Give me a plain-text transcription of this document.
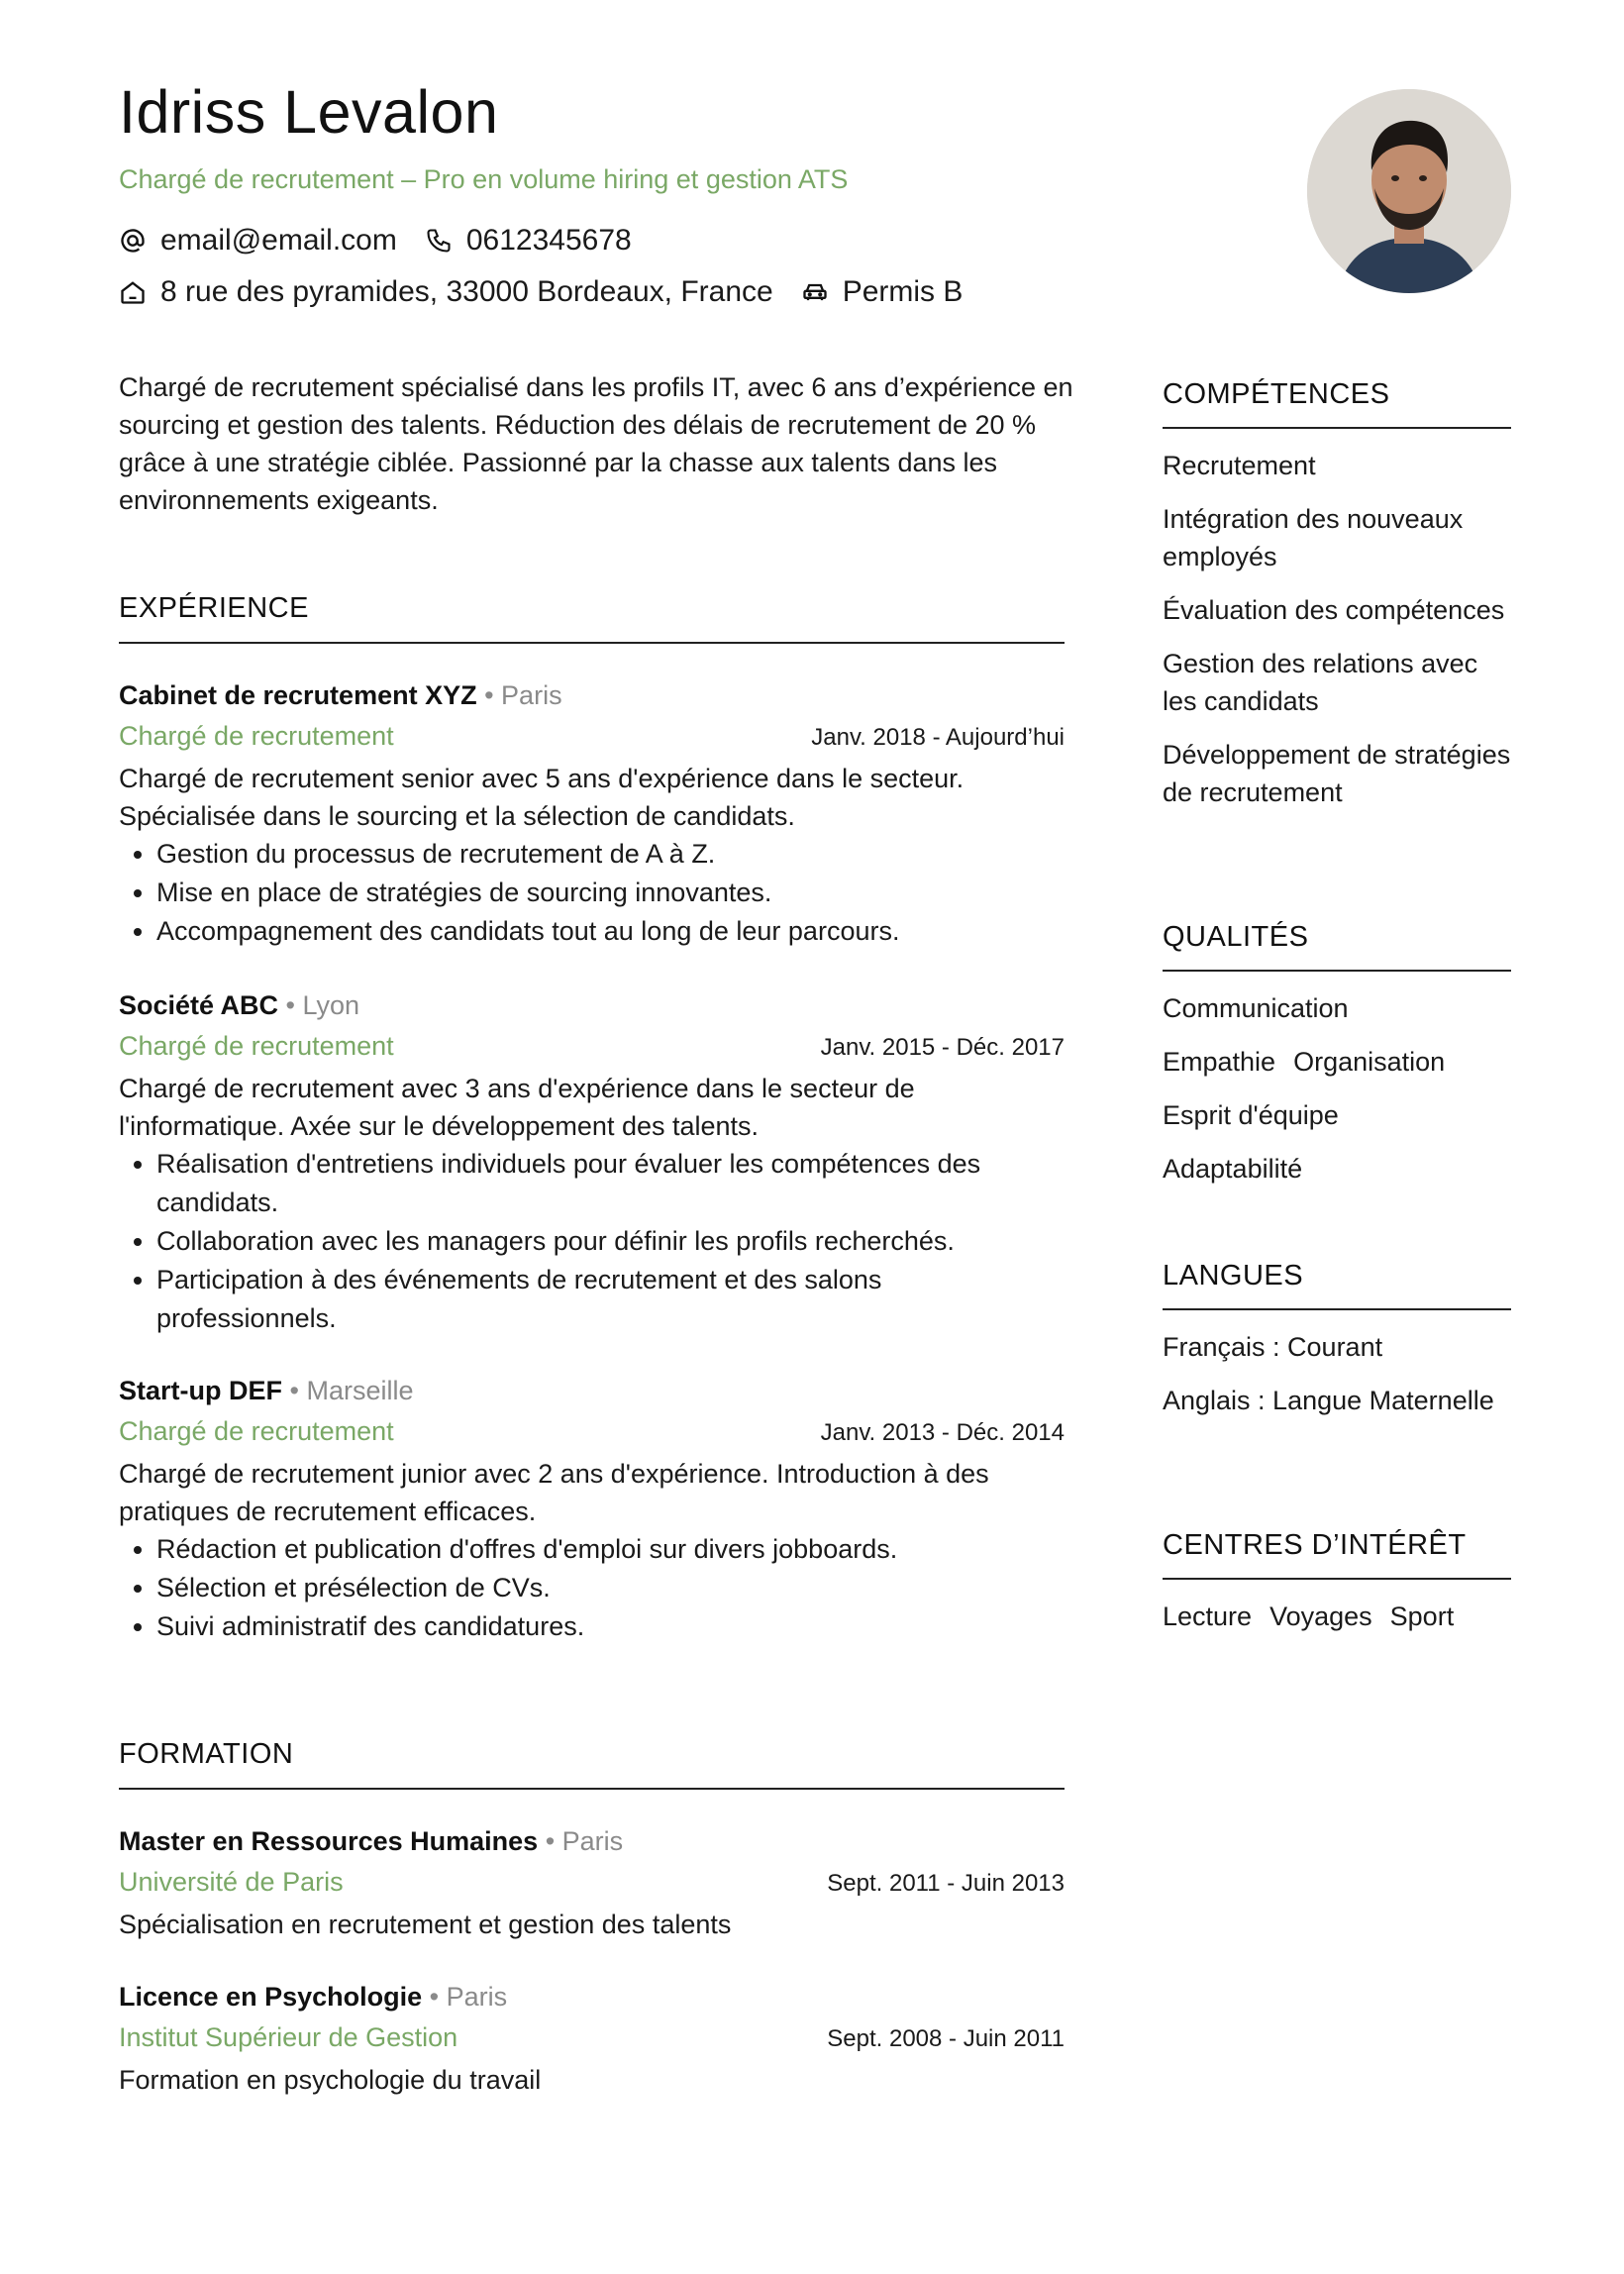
Idriss Levalon
Chargé de recrutement – Pro en volume hiring et gestion ATS
email@email.com 0612345678
8 rue des pyramides, 33000 Bordeaux, France Permis B
Chargé de recrutement spécialisé dans les profils IT, avec 6 ans d’expérience en sourcing et gestion des talents. Réduction des délais de recrutement de 20 % grâce à une stratégie ciblée. Passionné par la chasse aux talents dans les environnements exigeants.
EXPÉRIENCE
Cabinet de recrutement XYZ • Paris
Chargé de recrutement	Janv. 2018 - Aujourd’hui
Chargé de recrutement senior avec 5 ans d'expérience dans le secteur. Spécialisée dans le sourcing et la sélection de candidats.
• Gestion du processus de recrutement de A à Z.
• Mise en place de stratégies de sourcing innovantes.
• Accompagnement des candidats tout au long de leur parcours.
Société ABC • Lyon
Chargé de recrutement	Janv. 2015 - Déc. 2017
Chargé de recrutement avec 3 ans d'expérience dans le secteur de l'informatique. Axée sur le développement des talents.
• Réalisation d'entretiens individuels pour évaluer les compétences des candidats.
• Collaboration avec les managers pour définir les profils recherchés.
• Participation à des événements de recrutement et des salons professionnels.
Start-up DEF • Marseille
Chargé de recrutement	Janv. 2013 - Déc. 2014
Chargé de recrutement junior avec 2 ans d'expérience. Introduction à des pratiques de recrutement efficaces.
• Rédaction et publication d'offres d'emploi sur divers jobboards.
• Sélection et présélection de CVs.
• Suivi administratif des candidatures.
FORMATION
Master en Ressources Humaines • Paris
Université de Paris	Sept. 2011 - Juin 2013
Spécialisation en recrutement et gestion des talents
Licence en Psychologie • Paris
Institut Supérieur de Gestion	Sept. 2008 - Juin 2011
Formation en psychologie du travail
COMPÉTENCES
Recrutement
Intégration des nouveaux employés
Évaluation des compétences
Gestion des relations avec les candidats
Développement de stratégies de recrutement
QUALITÉS
Communication
Empathie Organisation
Esprit d'équipe
Adaptabilité
LANGUES
Français : Courant
Anglais : Langue Maternelle
CENTRES D’INTÉRÊT
Lecture Voyages Sport
